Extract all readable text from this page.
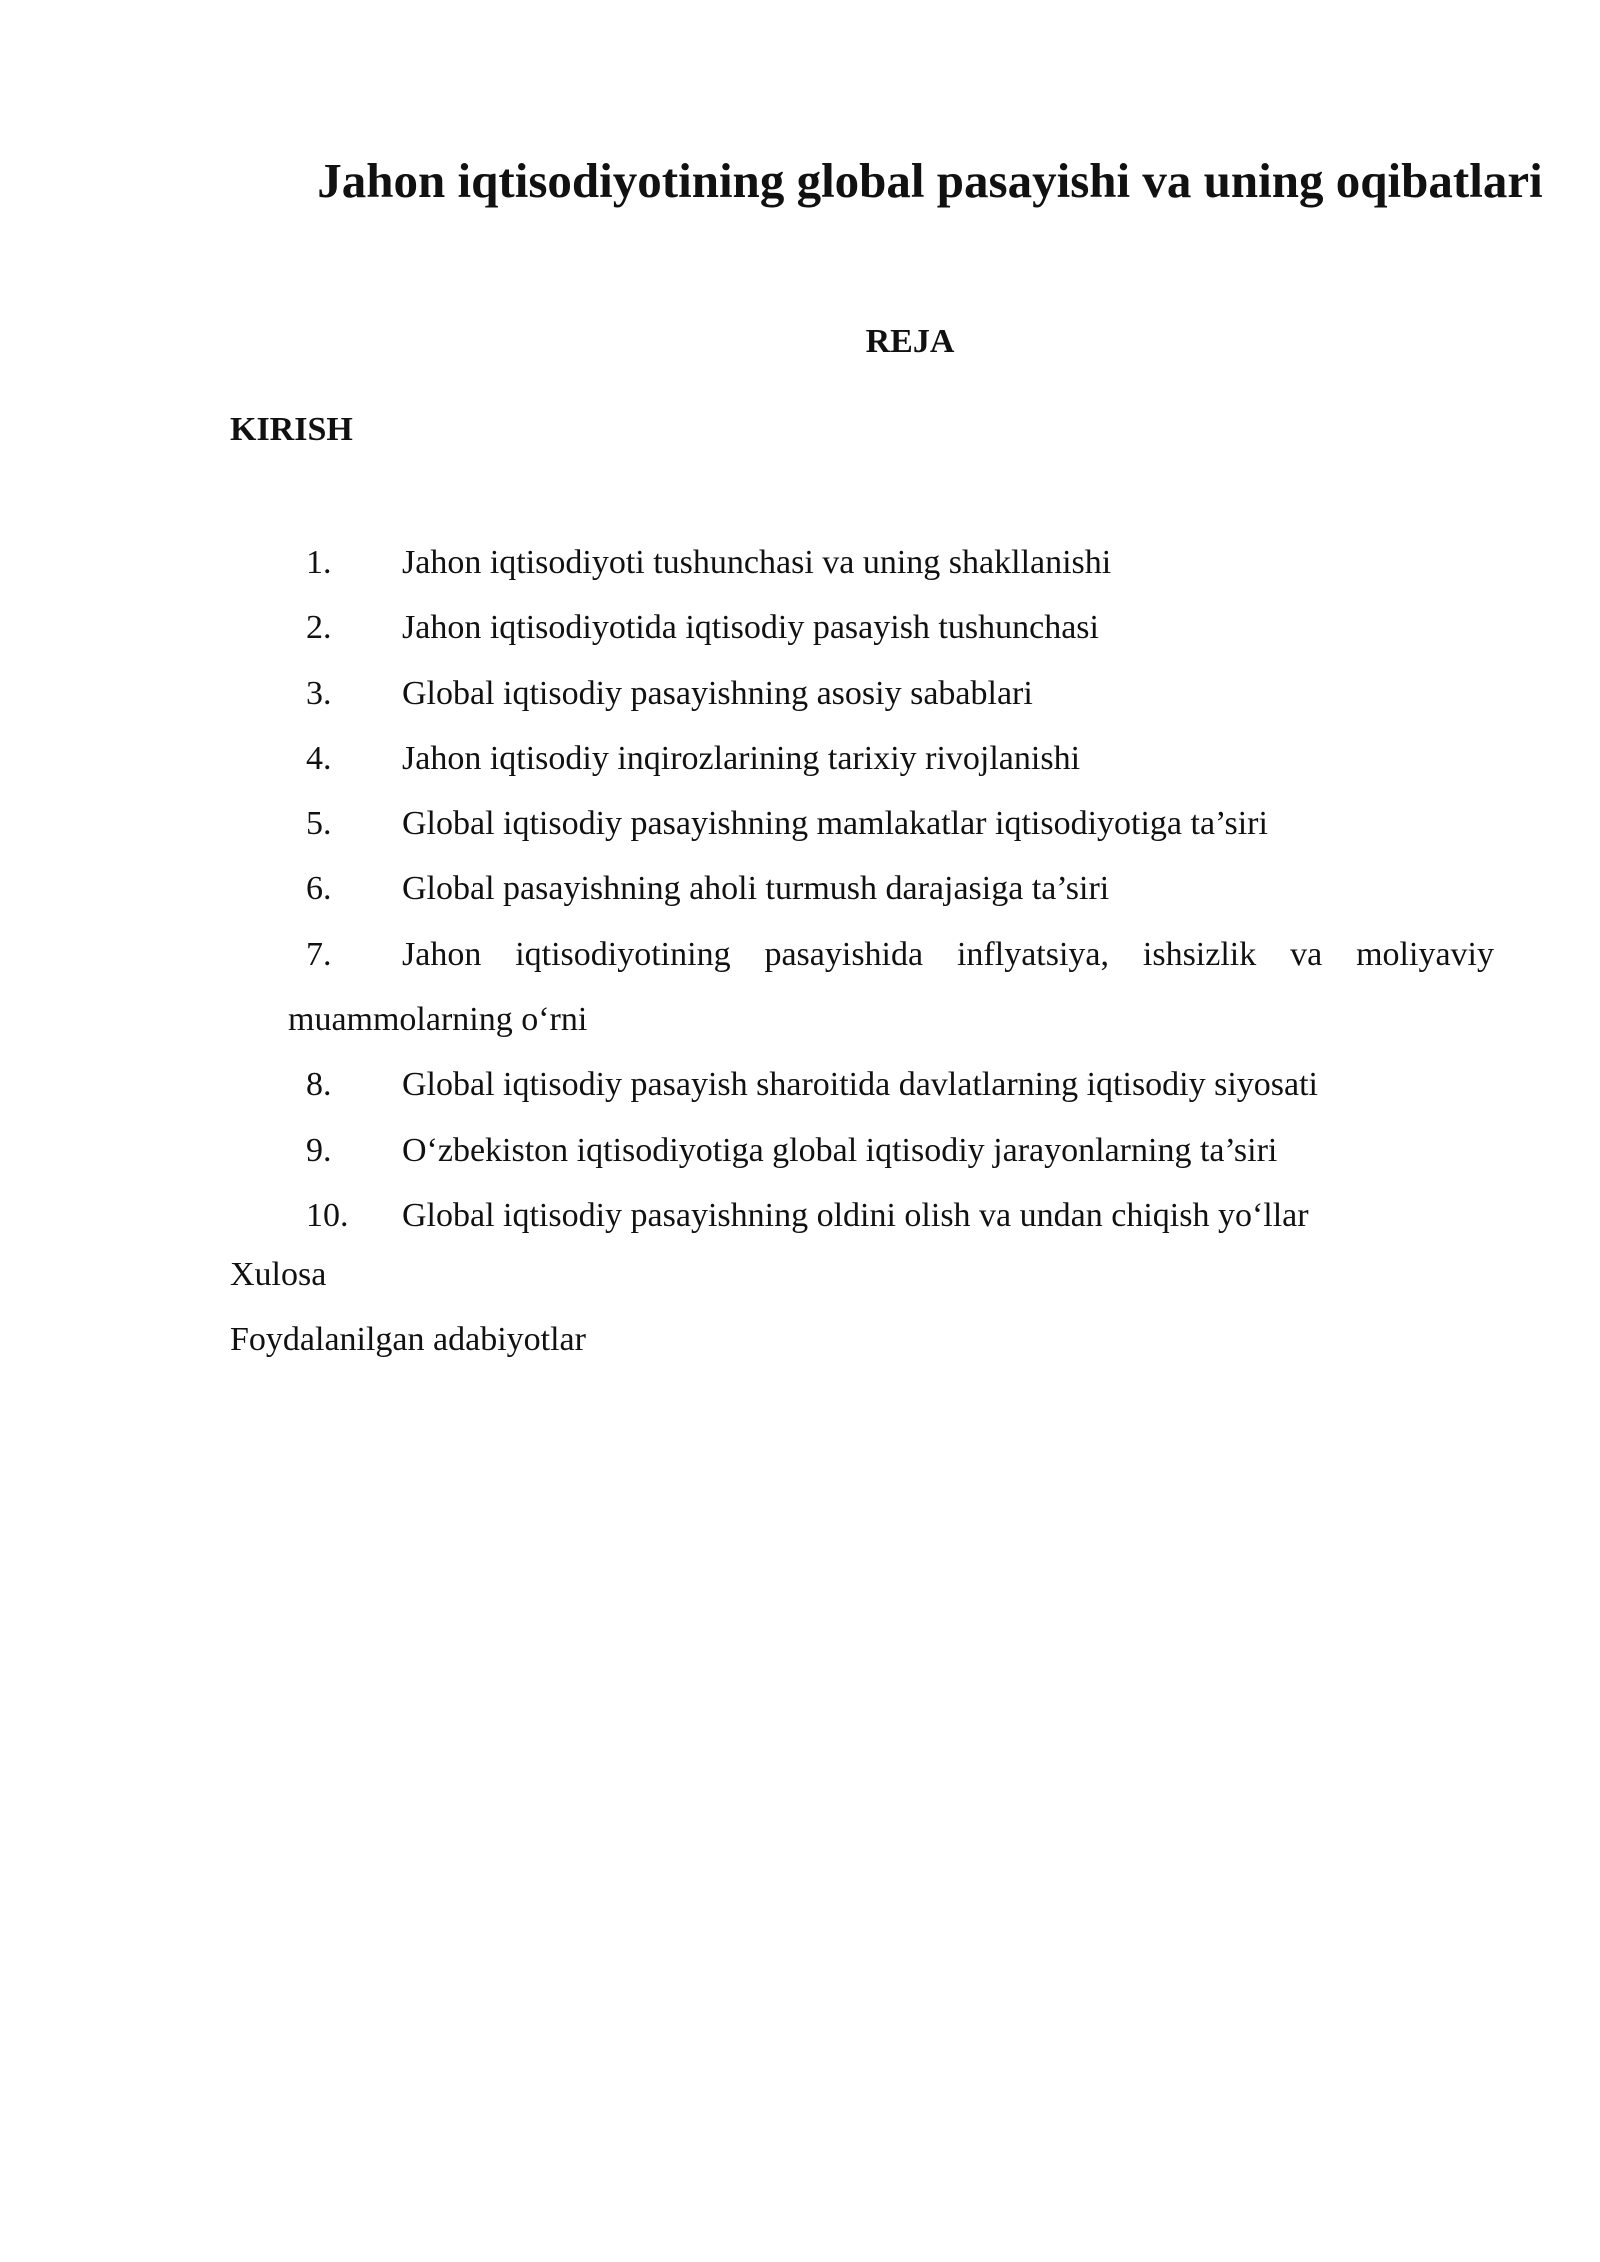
Jahon iqtisodiyotining global pasayishi va uning oqibatlari

REJA

KIRISH

1.	Jahon iqtisodiyoti tushunchasi va uning shakllanishi
2.	Jahon iqtisodiyotida iqtisodiy pasayish tushunchasi
3.	Global iqtisodiy pasayishning asosiy sabablari
4.	Jahon iqtisodiy inqirozlarining tarixiy rivojlanishi
5.	Global iqtisodiy pasayishning mamlakatlar iqtisodiyotiga ta’siri
6.	Global pasayishning aholi turmush darajasiga ta’siri
7. Jahon iqtisodiyotining pasayishida inflyatsiya, ishsizlik va moliyaviy muammolarning o‘rni
8.	Global iqtisodiy pasayish sharoitida davlatlarning iqtisodiy siyosati
9.	O‘zbekiston iqtisodiyotiga global iqtisodiy jarayonlarning ta’siri
10.	Global iqtisodiy pasayishning oldini olish va undan chiqish yo‘llar

Xulosa

Foydalanilgan adabiyotlar
